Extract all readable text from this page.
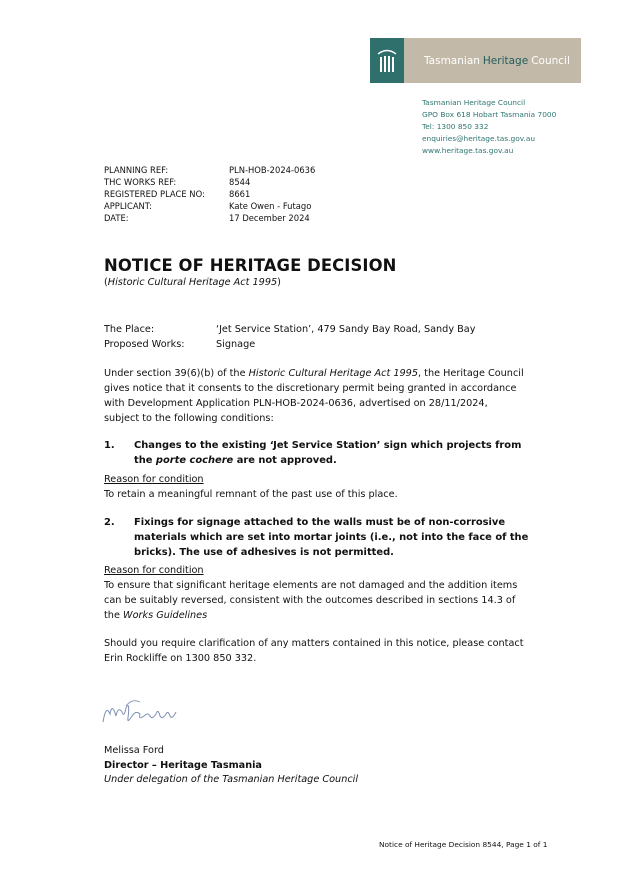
Tasmanian Heritage Council
Tasmanian Heritage Council
GPO Box 618 Hobart Tasmania 7000
Tel: 1300 850 332
enquiries@heritage.tas.gov.au
www.heritage.tas.gov.au
PLANNING REF:	PLN-HOB-2024-0636
THC WORKS REF:	8544
REGISTERED PLACE NO:	8661
APPLICANT:	Kate Owen - Futago
DATE:	17 December 2024
NOTICE OF HERITAGE DECISION
(Historic Cultural Heritage Act 1995)
The Place:	‘Jet Service Station’, 479 Sandy Bay Road, Sandy Bay
Proposed Works:	Signage
Under section 39(6)(b) of the Historic Cultural Heritage Act 1995, the Heritage Council
gives notice that it consents to the discretionary permit being granted in accordance
with Development Application PLN-HOB-2024-0636, advertised on 28/11/2024,
subject to the following conditions:
1.	Changes to the existing ‘Jet Service Station’ sign which projects from
the porte cochere are not approved.
Reason for condition
To retain a meaningful remnant of the past use of this place.
2.	Fixings for signage attached to the walls must be of non-corrosive
materials which are set into mortar joints (i.e., not into the face of the
bricks). The use of adhesives is not permitted.
Reason for condition
To ensure that significant heritage elements are not damaged and the addition items
can be suitably reversed, consistent with the outcomes described in sections 14.3 of
the Works Guidelines
Should you require clarification of any matters contained in this notice, please contact
Erin Rockliffe on 1300 850 332.
Melissa Ford
Director – Heritage Tasmania
Under delegation of the Tasmanian Heritage Council
Notice of Heritage Decision 8544, Page 1 of 1
